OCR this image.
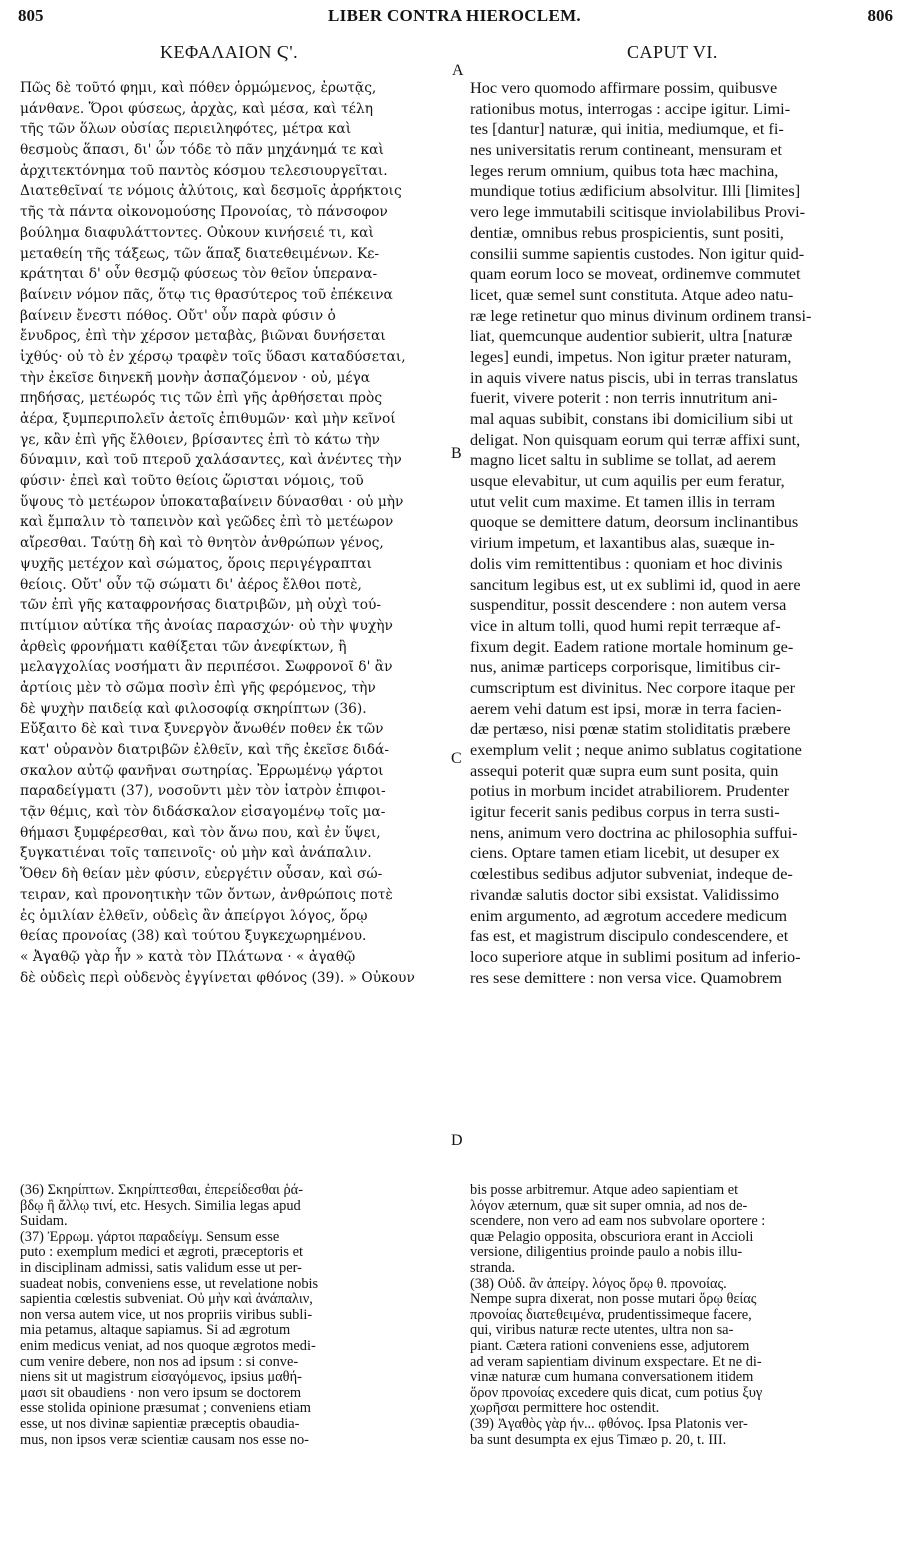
805	LIBER CONTRA HIEROCLEM.	806
ΚΕΦΑΛΑΙΟΝ Ϛ'.	CAPUT VI.
A
B
C
D
Πῶς δὲ τοῦτό φημι, καὶ πόθεν ὁρμώμενος, ἐρωτᾷς,
μάνθανε. Ὅροι φύσεως, ἀρχὰς, καὶ μέσα, καὶ τέλη
τῆς τῶν ὅλων οὐσίας περιειληφότες, μέτρα καὶ
θεσμοὺς ἅπασι, δι' ὧν τόδε τὸ πᾶν μηχάνημά τε καὶ
ἀρχιτεκτόνημα τοῦ παντὸς κόσμου τελεσιουργεῖται.
Διατεθεῖναί τε νόμοις ἀλύτοις, καὶ δεσμοῖς ἀρρήκτοις
τῆς τὰ πάντα οἰκονομούσης Προνοίας, τὸ πάνσοφον
βούλημα διαφυλάττοντες. Οὐκουν κινήσειέ τι, καὶ
μεταθείη τῆς τάξεως, τῶν ἅπαξ διατεθειμένων. Κε-
κράτηται δ' οὖν θεσμῷ φύσεως τὸν θεῖον ὑπερανα-
βαίνειν νόμον πᾶς, ὅτῳ τις θρασύτερος τοῦ ἐπέκεινα
βαίνειν ἔνεστι πόθος. Οὔτ' οὖν παρὰ φύσιν ὁ
ἔνυδρος, ἐπὶ τὴν χέρσον μεταβὰς, βιῶναι δυνήσεται
ἰχθύς· οὐ τὸ ἐν χέρσῳ τραφὲν τοῖς ὕδασι καταδύσεται,
τὴν ἐκεῖσε διηνεκῆ μονὴν ἀσπαζόμενον · οὐ, μέγα
πηδήσας, μετέωρός τις τῶν ἐπὶ γῆς ἀρθήσεται πρὸς
ἀέρα, ξυμπεριπολεῖν ἀετοῖς ἐπιθυμῶν· καὶ μὴν κεῖνοί
γε, κἂν ἐπὶ γῆς ἔλθοιεν, βρίσαντες ἐπὶ τὸ κάτω τὴν
δύναμιν, καὶ τοῦ πτεροῦ χαλάσαντες, καὶ ἀνέντες τὴν
φύσιν· ἐπεὶ καὶ τοῦτο θείοις ὥρισται νόμοις, τοῦ
ὕψους τὸ μετέωρον ὑποκαταβαίνειν δύνασθαι · οὐ μὴν
καὶ ἔμπαλιν τὸ ταπεινὸν καὶ γεῶδες ἐπὶ τὸ μετέωρον
αἴρεσθαι. Ταύτῃ δὴ καὶ τὸ θνητὸν ἀνθρώπων γένος,
ψυχῆς μετέχον καὶ σώματος, ὅροις περιγέγραπται
θείοις. Οὔτ' οὖν τῷ σώματι δι' ἀέρος ἔλθοι ποτὲ,
τῶν ἐπὶ γῆς καταφρονήσας διατριβῶν, μὴ οὐχὶ τού-
πιτίμιον αὐτίκα τῆς ἀνοίας παρασχών· οὐ τὴν ψυχὴν
ἀρθεὶς φρονήματι καθίξεται τῶν ἀνεφίκτων, ἢ
μελαγχολίας νοσήματι ἂν περιπέσοι. Σωφρονοῖ δ' ἂν
ἀρτίοις μὲν τὸ σῶμα ποσὶν ἐπὶ γῆς φερόμενος, τὴν
δὲ ψυχὴν παιδείᾳ καὶ φιλοσοφίᾳ σκηρίπτων (36).
Εὔξαιτο δὲ καὶ τινα ξυνεργὸν ἄνωθέν ποθεν ἐκ τῶν
κατ' οὐρανὸν διατριβῶν ἐλθεῖν, καὶ τῆς ἐκεῖσε διδά-
σκαλον αὐτῷ φανῆναι σωτηρίας. Ἐρρωμένῳ γάρτοι
παραδείγματι (37), νοσοῦντι μὲν τὸν ἰατρὸν ἐπιφοι-
τᾷν θέμις, καὶ τὸν διδάσκαλον εἰσαγομένῳ τοῖς μα-
θήμασι ξυμφέρεσθαι, καὶ τὸν ἄνω που, καὶ ἐν ὕψει,
ξυγκατιέναι τοῖς ταπεινοῖς· οὐ μὴν καὶ ἀνάπαλιν.
Ὅθεν δὴ θείαν μὲν φύσιν, εὐεργέτιν οὖσαν, καὶ σώ-
τειραν, καὶ προνοητικὴν τῶν ὄντων, ἀνθρώποις ποτὲ
ἐς ὁμιλίαν ἐλθεῖν, οὐδεὶς ἂν ἀπείργοι λόγος, ὅρῳ
θείας προνοίας (38) καὶ τούτου ξυγκεχωρημένου.
« Ἀγαθῷ γὰρ ἦν » κατὰ τὸν Πλάτωνα · « ἀγαθῷ
δὲ οὐδεὶς περὶ οὐδενὸς ἐγγίνεται φθόνος (39). » Οὐκουν
Hoc vero quomodo affirmare possim, quibusve
rationibus motus, interrogas : accipe igitur. Limi-
tes [dantur] naturæ, qui initia, mediumque, et fi-
nes universitatis rerum contineant, mensuram et
leges rerum omnium, quibus tota hæc machina,
mundique totius ædificium absolvitur. Illi [limites]
vero lege immutabili scitisque inviolabilibus Provi-
dentiæ, omnibus rebus prospicientis, sunt positi,
consilii summe sapientis custodes. Non igitur quid-
quam eorum loco se moveat, ordinemve commutet
licet, quæ semel sunt constituta. Atque adeo natu-
ræ lege retinetur quo minus divinum ordinem transi-
liat, quemcunque audentior subierit, ultra [naturæ
leges] eundi, impetus. Non igitur præter naturam,
in aquis vivere natus piscis, ubi in terras translatus
fuerit, vivere poterit : non terris innutritum ani-
mal aquas subibit, constans ibi domicilium sibi ut
deligat. Non quisquam eorum qui terræ affixi sunt,
magno licet saltu in sublime se tollat, ad aerem
usque elevabitur, ut cum aquilis per eum feratur,
utut velit cum maxime. Et tamen illis in terram
quoque se demittere datum, deorsum inclinantibus
virium impetum, et laxantibus alas, suæque in-
dolis vim remittentibus : quoniam et hoc divinis
sancitum legibus est, ut ex sublimi id, quod in aere
suspenditur, possit descendere : non autem versa
vice in altum tolli, quod humi repit terræque af-
fixum degit. Eadem ratione mortale hominum ge-
nus, animæ particeps corporisque, limitibus cir-
cumscriptum est divinitus. Nec corpore itaque per
aerem vehi datum est ipsi, moræ in terra facien-
dæ pertæso, nisi pœnæ statim stoliditatis præbere
exemplum velit ; neque animo sublatus cogitatione
assequi poterit quæ supra eum sunt posita, quin
potius in morbum incidet atrabiliorem. Prudenter
igitur fecerit sanis pedibus corpus in terra susti-
nens, animum vero doctrina ac philosophia suffui-
ciens. Optare tamen etiam licebit, ut desuper ex
cœlestibus sedibus adjutor subveniat, indeque de-
rivandæ salutis doctor sibi exsistat. Validissimo
enim argumento, ad ægrotum accedere medicum
fas est, et magistrum discipulo condescendere, et
loco superiore atque in sublimi positum ad inferio-
res sese demittere : non versa vice. Quamobrem
(36) Σκηρίπτων. Σκηρίπτεσθαι, ἐπερείδεσθαι ῥά-
βδῳ ἢ ἄλλῳ τινί, etc. Hesych. Similia legas apud
Suidam.
(37) Ἐρρωμ. γάρτοι παραδείγμ. Sensum esse
puto : exemplum medici et ægroti, præceptoris et
in disciplinam admissi, satis validum esse ut per-
suadeat nobis, conveniens esse, ut revelatione nobis
sapientia cœlestis subveniat. Οὐ μὴν καὶ ἀνάπαλιν,
non versa autem vice, ut nos propriis viribus subli-
mia petamus, altaque sapiamus. Si ad ægrotum
enim medicus veniat, ad nos quoque ægrotos medi-
cum venire debere, non nos ad ipsum : si conve-
niens sit ut magistrum εἰσαγόμενος, ipsius μαθή-
μασι sit obaudiens · non vero ipsum se doctorem
esse stolida opinione præsumat ; conveniens etiam
esse, ut nos divinæ sapientiæ præceptis obaudia-
mus, non ipsos veræ scientiæ causam nos esse no-
bis posse arbitremur. Atque adeo sapientiam et
λόγον æternum, quæ sit super omnia, ad nos de-
scendere, non vero ad eam nos subvolare oportere :
quæ Pelagio opposita, obscuriora erant in Accioli
versione, diligentius proinde paulo a nobis illu-
stranda.
(38) Οὐδ. ἂν ἀπείργ. λόγος ὅρῳ θ. προνοίας.
Nempe supra dixerat, non posse mutari ὅρῳ θείας
προνοίας διατεθειμένα, prudentissimeque facere,
qui, viribus naturæ recte utentes, ultra non sa-
piant. Cætera rationi conveniens esse, adjutorem
ad veram sapientiam divinum exspectare. Et ne di-
vinæ naturæ cum humana conversationem itidem
ὅρον προνοίας excedere quis dicat, cum potius ξυγ
χωρῆσαι permittere hoc ostendit.
(39) Ἀγαθὸς γὰρ ἦν... φθόνος. Ipsa Platonis ver-
ba sunt desumpta ex ejus Timæo p. 20, t. III.
